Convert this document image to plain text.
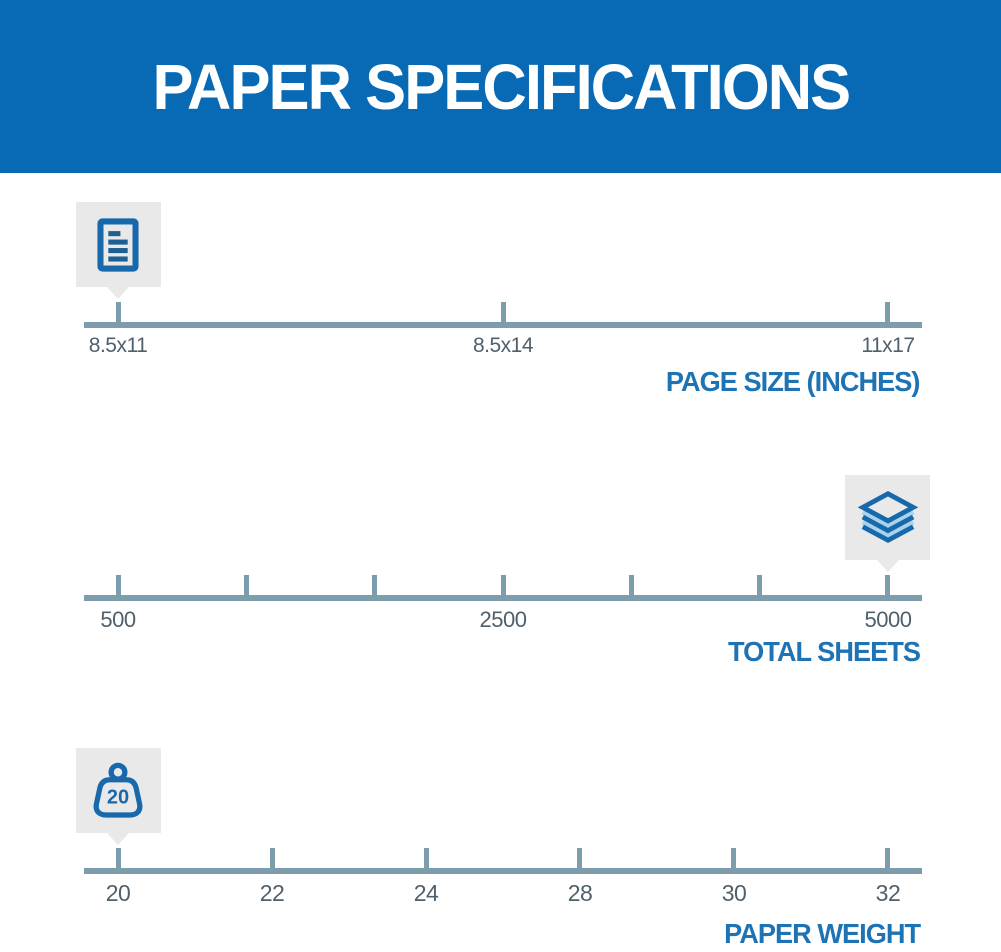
PAPER SPECIFICATIONS
8.5x11	8.5x14	11x17
PAGE SIZE (INCHES)
500	2500	5000
TOTAL SHEETS
20
20	22	24	28	30	32
PAPER WEIGHT
